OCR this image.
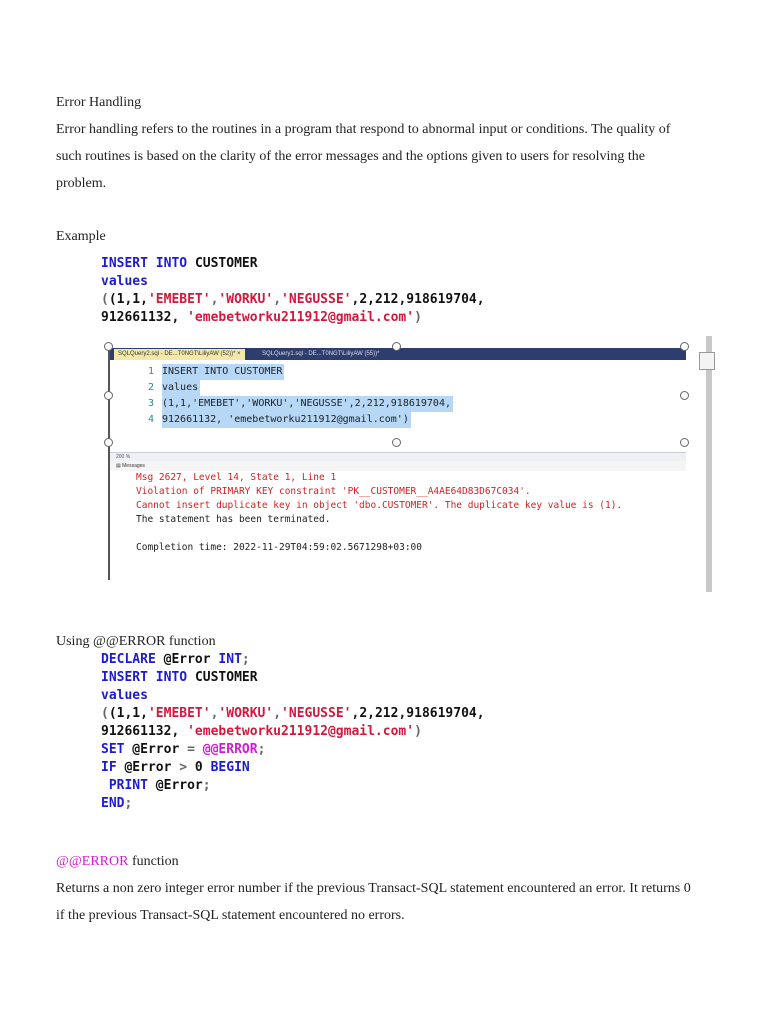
Error Handling

Error handling refers to the routines in a program that respond to abnormal input or conditions. The quality of such routines is based on the clarity of the error messages and the options given to users for resolving the problem.

Example

INSERT INTO CUSTOMER
values
((1,1,'EMEBET','WORKU','NEGUSSE',2,212,918619704,
912661132, 'emebetworku211912@gmail.com')
SQLQuery2.sql - DE...T0NGT\LiliyAW (52))* ×	SQLQuery1.sql - DE...T0NGT\LiliyAW (55))*
1 INSERT INTO CUSTOMER
2 values
3 (1,1,'EMEBET','WORKU','NEGUSSE',2,212,918619704,
4 912661132, 'emebetworku211912@gmail.com')
200 %
▤ Messages
Msg 2627, Level 14, State 1, Line 1
Violation of PRIMARY KEY constraint 'PK__CUSTOMER__A4AE64D83D67C034'.
Cannot insert duplicate key in object 'dbo.CUSTOMER'. The duplicate key value is (1).
The statement has been terminated.

Completion time: 2022-11-29T04:59:02.5671298+03:00

Using @@ERROR function

DECLARE @Error INT;
INSERT INTO CUSTOMER
values
((1,1,'EMEBET','WORKU','NEGUSSE',2,212,918619704,
912661132, 'emebetworku211912@gmail.com')
SET @Error = @@ERROR;
IF @Error > 0 BEGIN
PRINT @Error;
END;

@@ERROR function

Returns a non zero integer error number if the previous Transact-SQL statement encountered an error. It returns 0 if the previous Transact-SQL statement encountered no errors.
